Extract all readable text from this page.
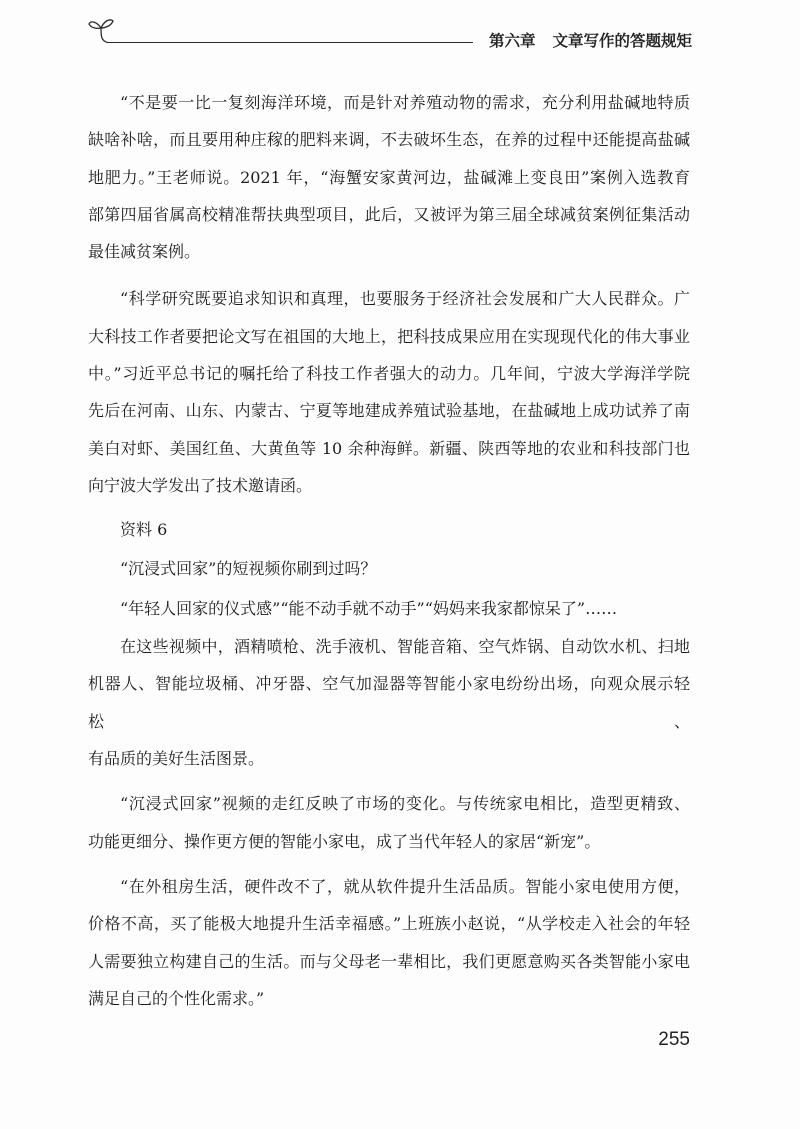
第六章 文章写作的答题规矩
“不是要一比一复刻海洋环境，而是针对养殖动物的需求，充分利用盐碱地特质
缺啥补啥，而且要用种庄稼的肥料来调，不去破坏生态，在养的过程中还能提高盐碱
地肥力。”王老师说。2021 年，“海蟹安家黄河边，盐碱滩上变良田”案例入选教育
部第四届省属高校精准帮扶典型项目，此后，又被评为第三届全球减贫案例征集活动
最佳减贫案例。
“科学研究既要追求知识和真理，也要服务于经济社会发展和广大人民群众。广
大科技工作者要把论文写在祖国的大地上，把科技成果应用在实现现代化的伟大事业
中。”习近平总书记的嘱托给了科技工作者强大的动力。几年间，宁波大学海洋学院
先后在河南、山东、内蒙古、宁夏等地建成养殖试验基地，在盐碱地上成功试养了南
美白对虾、美国红鱼、大黄鱼等 10 余种海鲜。新疆、陕西等地的农业和科技部门也
向宁波大学发出了技术邀请函。
资料 6
“沉浸式回家”的短视频你刷到过吗？
“年轻人回家的仪式感”“能不动手就不动手”“妈妈来我家都惊呆了”……
在这些视频中，酒精喷枪、洗手液机、智能音箱、空气炸锅、自动饮水机、扫地
机器人、智能垃圾桶、冲牙器、空气加湿器等智能小家电纷纷出场，向观众展示轻松、
有品质的美好生活图景。
“沉浸式回家”视频的走红反映了市场的变化。与传统家电相比，造型更精致、
功能更细分、操作更方便的智能小家电，成了当代年轻人的家居“新宠”。
“在外租房生活，硬件改不了，就从软件提升生活品质。智能小家电使用方便，
价格不高，买了能极大地提升生活幸福感。”上班族小赵说，“从学校走入社会的年轻
人需要独立构建自己的生活。而与父母老一辈相比，我们更愿意购买各类智能小家电
满足自己的个性化需求。”
255
